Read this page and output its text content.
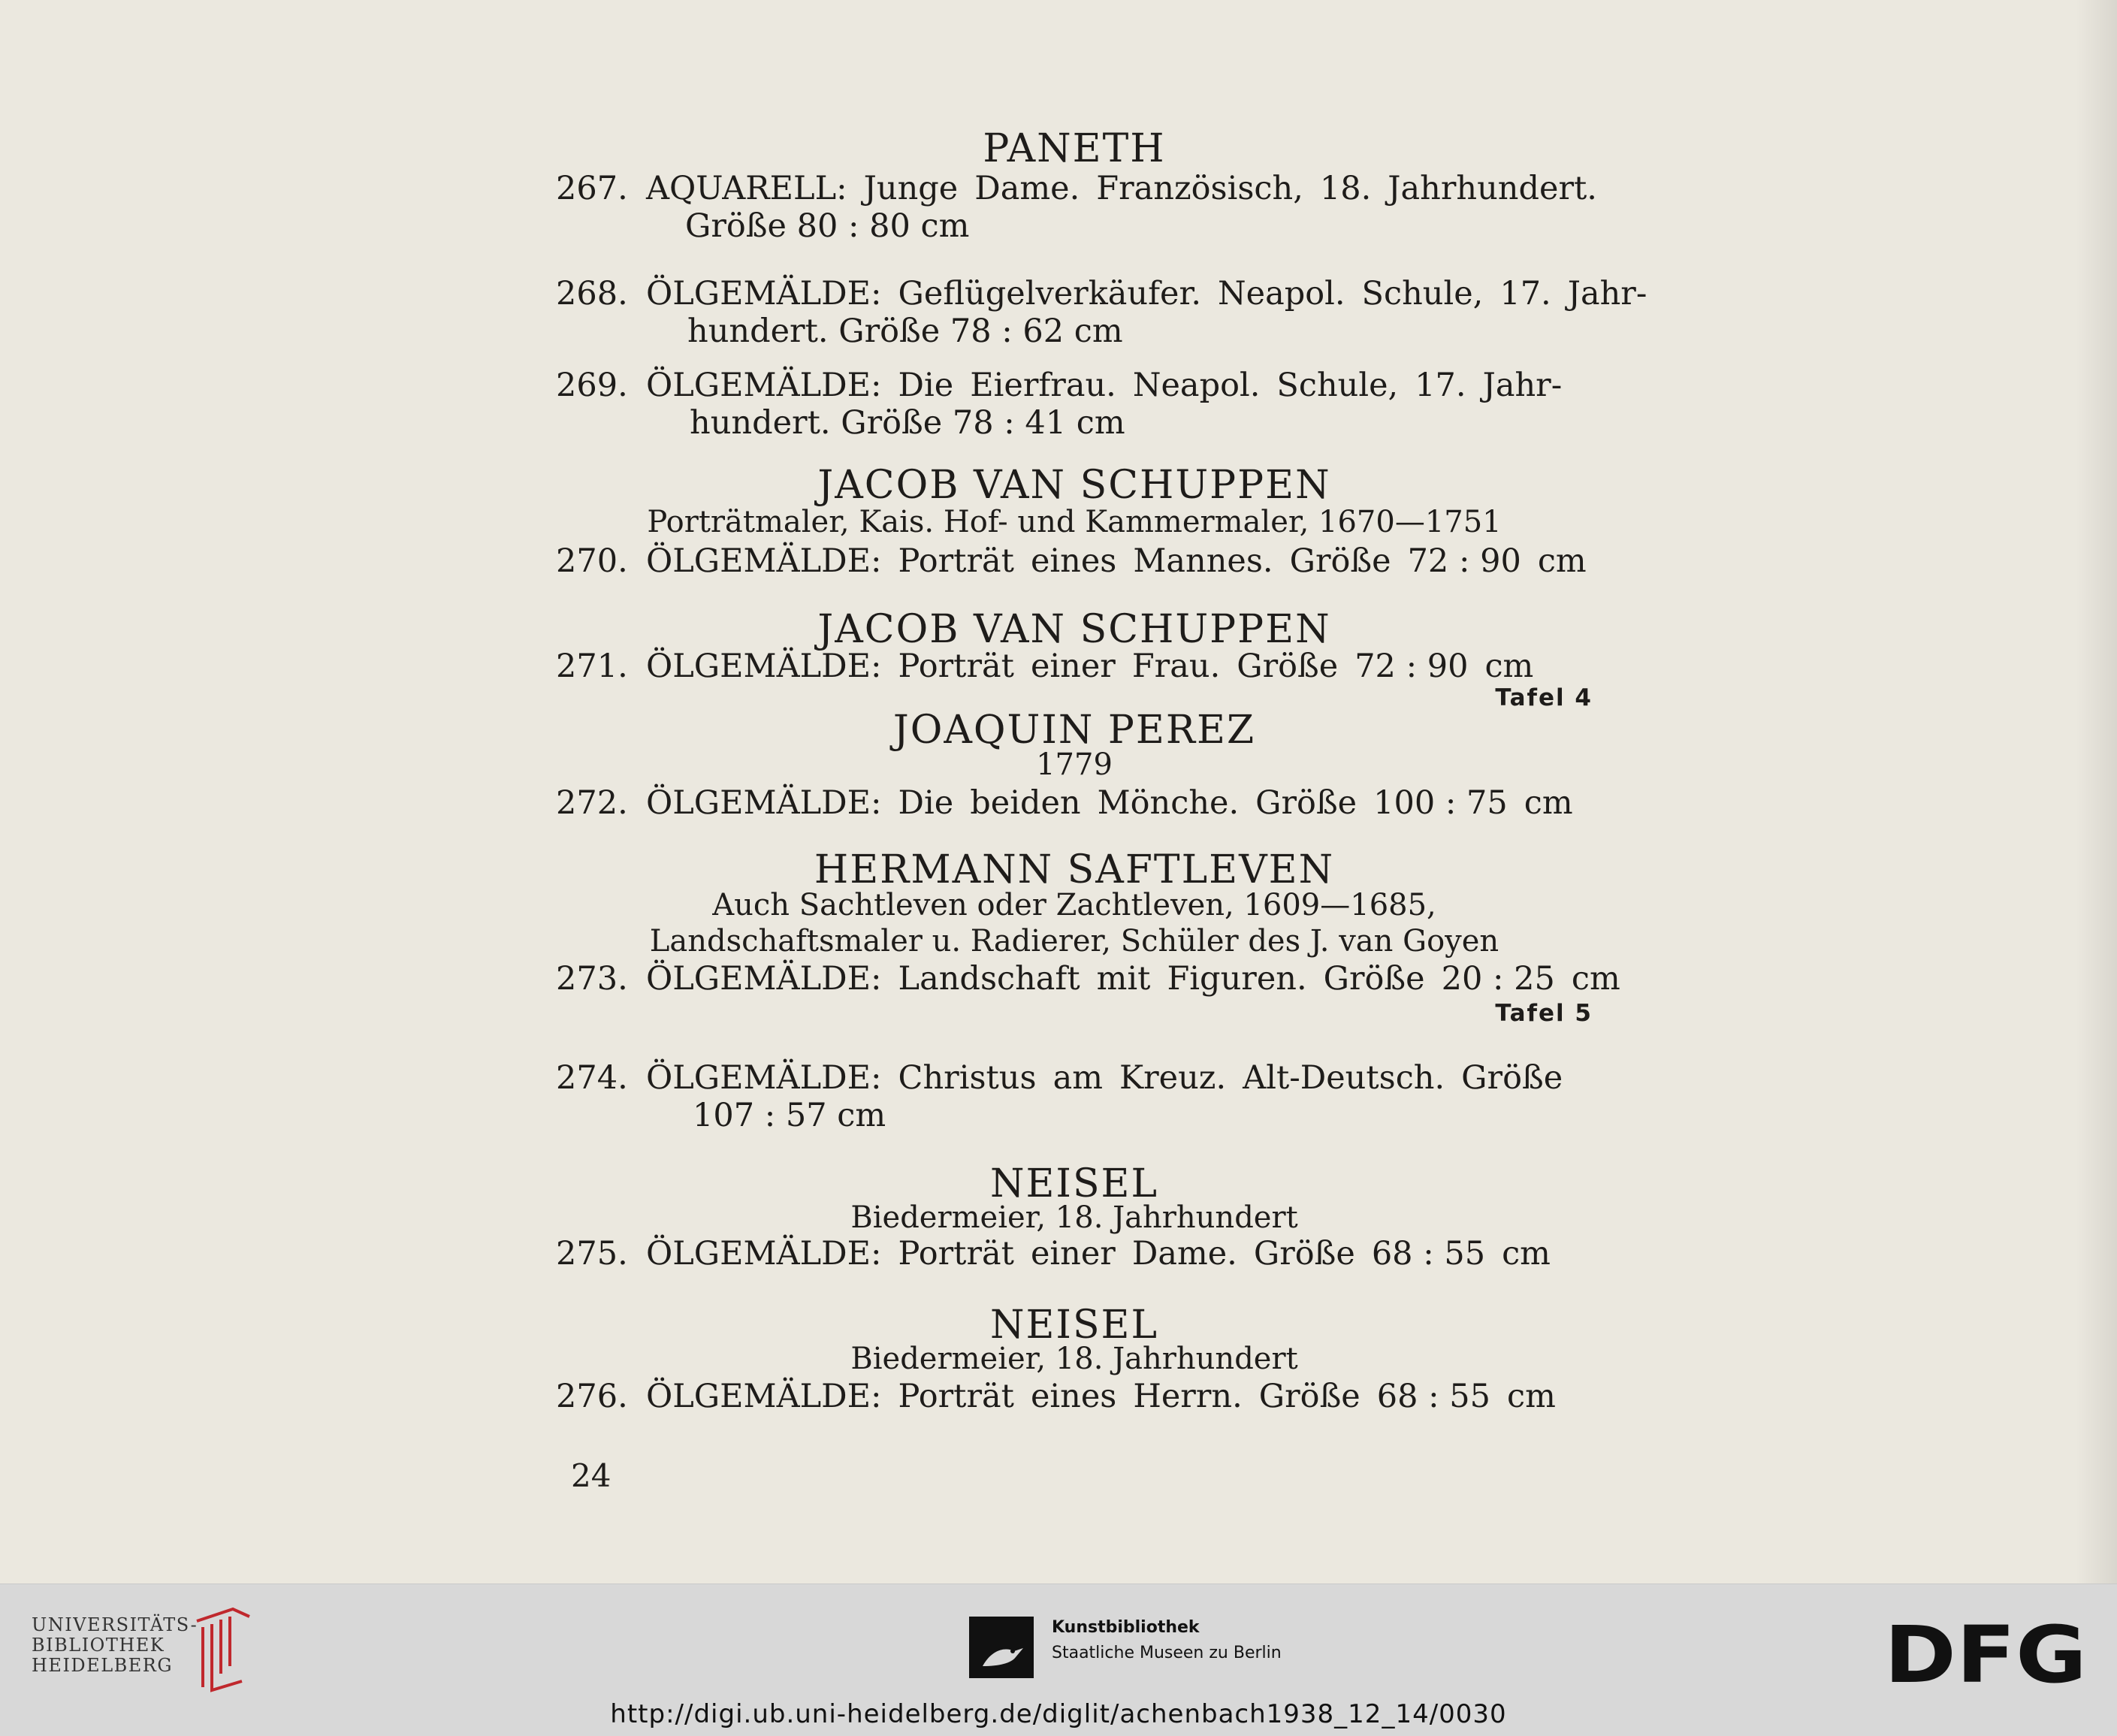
PANETH
267. AQUARELL: Junge Dame. Französisch, 18. Jahrhundert.
Größe 80 : 80 cm
268. ÖLGEMÄLDE: Geflügelverkäufer. Neapol. Schule, 17. Jahr-
hundert. Größe 78 : 62 cm
269. ÖLGEMÄLDE: Die Eierfrau. Neapol. Schule, 17. Jahr-
hundert. Größe 78 : 41 cm
JACOB VAN SCHUPPEN
Porträtmaler, Kais. Hof- und Kammermaler, 1670—1751
270. ÖLGEMÄLDE: Porträt eines Mannes. Größe 72 : 90 cm
JACOB VAN SCHUPPEN
271. ÖLGEMÄLDE: Porträt einer Frau. Größe 72 : 90 cm
Tafel 4
JOAQUIN PEREZ
1779
272. ÖLGEMÄLDE: Die beiden Mönche. Größe 100 : 75 cm
HERMANN SAFTLEVEN
Auch Sachtleven oder Zachtleven, 1609—1685,
Landschaftsmaler u. Radierer, Schüler des J. van Goyen
273. ÖLGEMÄLDE: Landschaft mit Figuren. Größe 20 : 25 cm
Tafel 5
274. ÖLGEMÄLDE: Christus am Kreuz. Alt-Deutsch. Größe
107 : 57 cm
NEISEL
Biedermeier, 18. Jahrhundert
275. ÖLGEMÄLDE: Porträt einer Dame. Größe 68 : 55 cm
NEISEL
Biedermeier, 18. Jahrhundert
276. ÖLGEMÄLDE: Porträt eines Herrn. Größe 68 : 55 cm
24
UNIVERSITÄTS-
BIBLIOTHEK
HEIDELBERG
Kunstbibliothek
Staatliche Museen zu Berlin	DFG
http://digi.ub.uni-heidelberg.de/diglit/achenbach1938_12_14/0030
